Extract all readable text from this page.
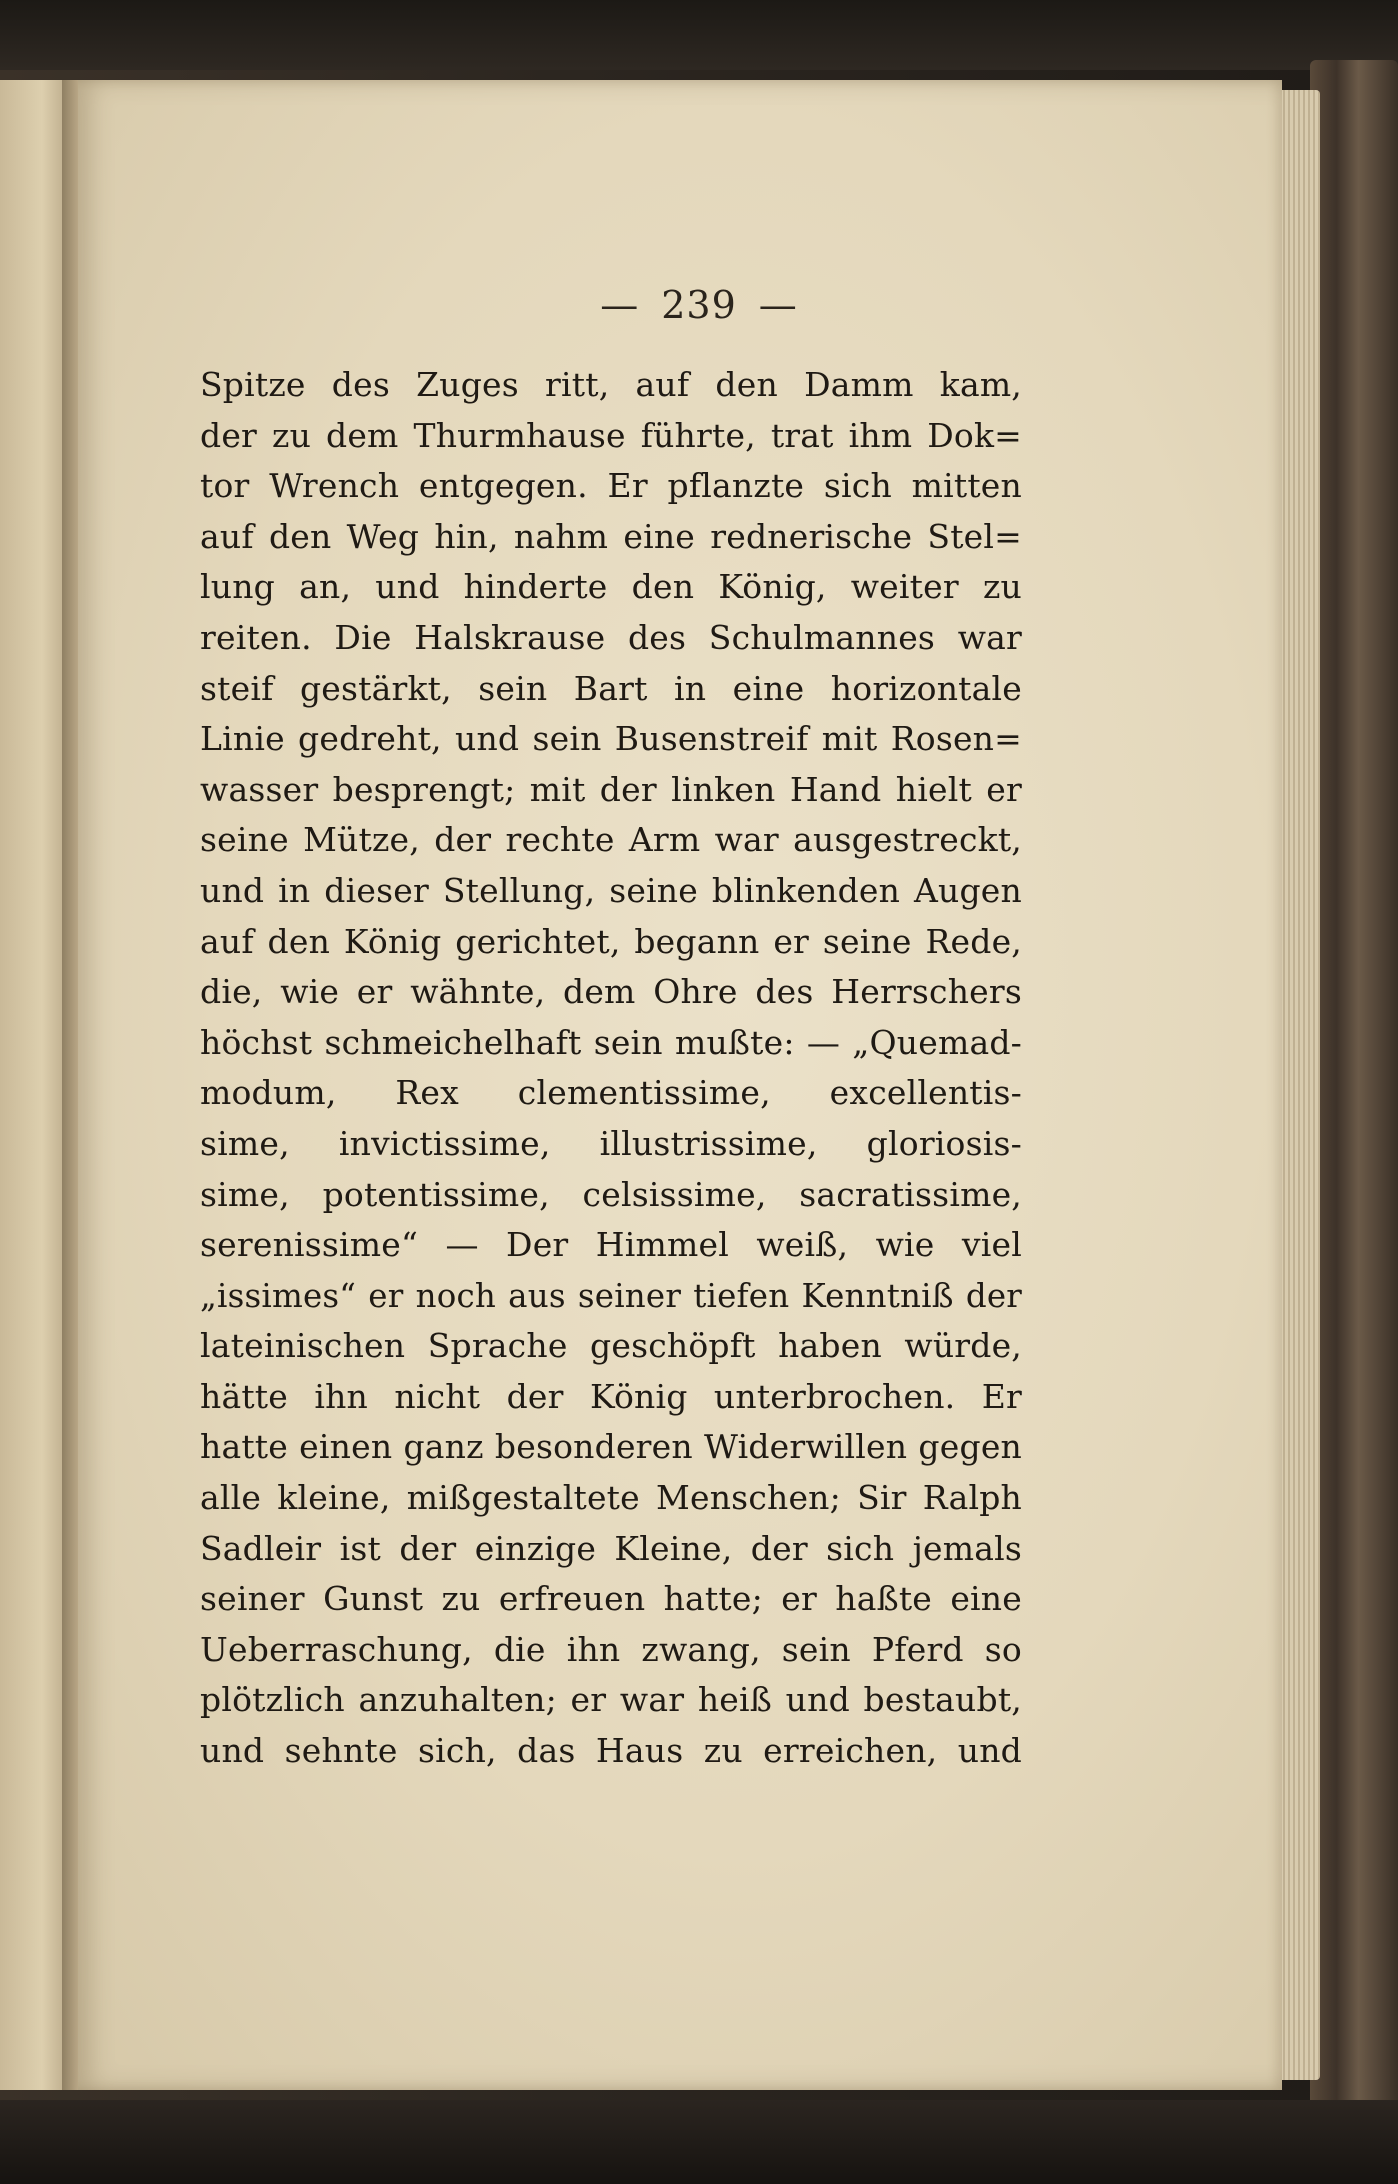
— 239 —
Spitze des Zuges ritt, auf den Damm kam,
der zu dem Thurmhause führte, trat ihm Dok=
tor Wrench entgegen. Er pflanzte sich mitten
auf den Weg hin, nahm eine rednerische Stel=
lung an, und hinderte den König, weiter zu
reiten. Die Halskrause des Schulmannes war
steif gestärkt, sein Bart in eine horizontale
Linie gedreht, und sein Busenstreif mit Rosen=
wasser besprengt; mit der linken Hand hielt er
seine Mütze, der rechte Arm war ausgestreckt,
und in dieser Stellung, seine blinkenden Augen
auf den König gerichtet, begann er seine Rede,
die, wie er wähnte, dem Ohre des Herrschers
höchst schmeichelhaft sein mußte: — „Quemad-
modum, Rex clementissime, excellentis-
sime, invictissime, illustrissime, gloriosis-
sime, potentissime, celsissime, sacratissime,
serenissime“ — Der Himmel weiß, wie viel
„issimes“ er noch aus seiner tiefen Kenntniß der
lateinischen Sprache geschöpft haben würde,
hätte ihn nicht der König unterbrochen. Er
hatte einen ganz besonderen Widerwillen gegen
alle kleine, mißgestaltete Menschen; Sir Ralph
Sadleir ist der einzige Kleine, der sich jemals
seiner Gunst zu erfreuen hatte; er haßte eine
Ueberraschung, die ihn zwang, sein Pferd so
plötzlich anzuhalten; er war heiß und bestaubt,
und sehnte sich, das Haus zu erreichen, und
